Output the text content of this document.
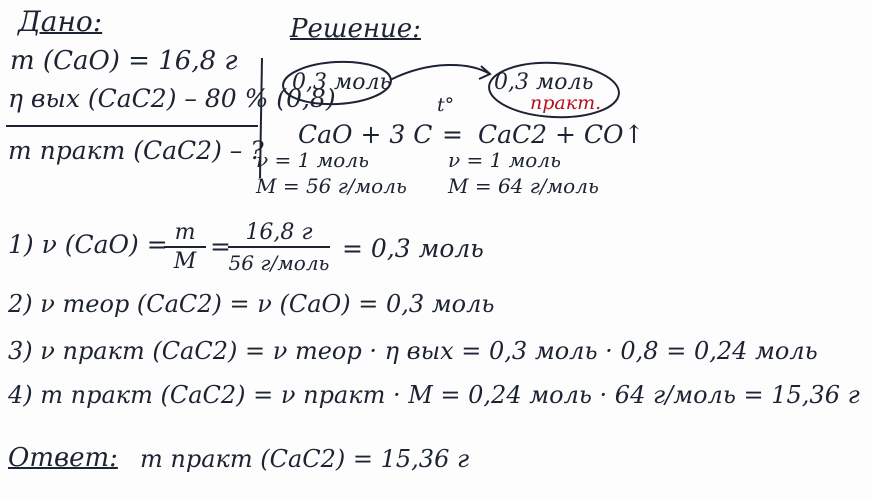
Дано:
m (CaO) = 16,8 г
η вых (CaC2) – 80 % (0,8)
m практ (CaC2) – ?
Решение:
0,3 моль	0,3 моль
практ.
CaO + 3 C
t°
= CaC2 + CO↑
ν = 1 моль
M = 56 г/моль
ν = 1 моль
M = 64 г/моль
1) ν (CaO) = m
M
= 16,8 г
56 г/моль = 0,3 моль
2) ν теор (CaC2) = ν (CaO) = 0,3 моль
3) ν практ (CaC2) = ν теор · η вых = 0,3 моль · 0,8 = 0,24 моль
4) m практ (CaC2) = ν практ · M = 0,24 моль · 64 г/моль = 15,36 г
Ответ: m практ (CaC2) = 15,36 г
